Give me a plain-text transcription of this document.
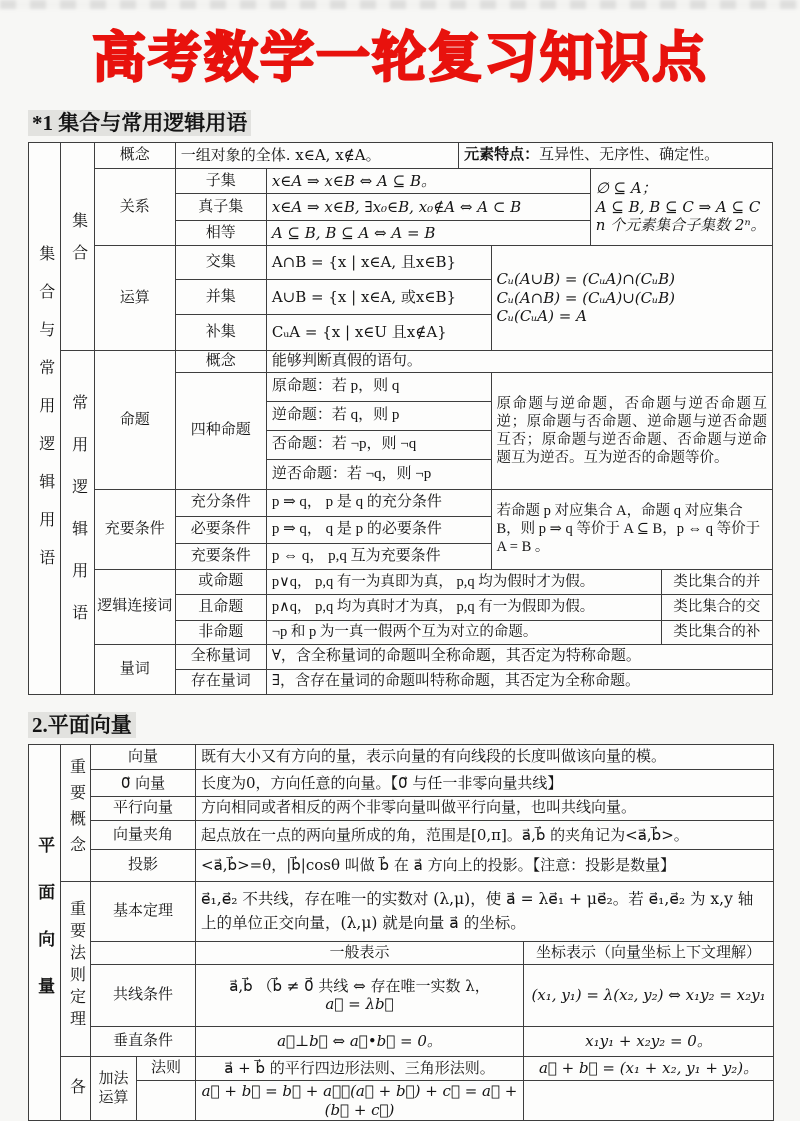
高考数学一轮复习知识点
*1 集合与常用逻辑用语
集合与常用逻辑用语	集合	概念	一组对象的全体. x∈A, x∉A。		元素特点：互异性、无序性、确定性。			
		关系	子集	x∈A ⇒ x∈B ⇔ A ⊆ B。			∅ ⊆ A；
A ⊆ B, B ⊆ C ⇒ A ⊆ C
n 个元素集合子集数 2ⁿ。	

			真子集	x∈A ⇒ x∈B, ∃x₀∈B, x₀∉A ⇔ A ⊂ B				
			相等	A ⊆ B, B ⊆ A ⇔ A = B				
		运算	交集	A∩B = {x | x∈A, 且x∈B}		Cᵤ(A∪B) = (CᵤA)∩(CᵤB)
Cᵤ(A∩B) = (CᵤA)∪(CᵤB)
Cᵤ(CᵤA) = A		

			并集	A∪B = {x | x∈A, 或x∈B}				
			补集	CᵤA = {x | x∈U 且x∉A}				
	常用逻辑用语	命题	概念	能够判断真假的语句。				
			四种命题	原命题：若 p，则 q		原命题与逆命题，否命题与逆否命题互逆；原命题与否命题、逆命题与逆否命题互否；原命题与逆否命题、否命题与逆命题互为逆否。互为逆否的命题等价。		
				逆命题：若 q，则 p				
				否命题：若 ¬p，则 ¬q				
				逆否命题：若 ¬q，则 ¬p				
		充要条件	充分条件	p ⇒ q， p 是 q 的充分条件		若命题 p 对应集合 A，命题 q 对应集合 B，则 p ⇒ q 等价于 A ⊆ B，p ⇔ q 等价于 A = B 。		
			必要条件	p ⇒ q， q 是 p 的必要条件				
			充要条件	p ⇔ q， p,q 互为充要条件				
		逻辑连接词	或命题	p∨q， p,q 有一为真即为真， p,q 均为假时才为假。				类比集合的并
			且命题	p∧q， p,q 均为真时才为真， p,q 有一为假即为假。				类比集合的交
			非命题	¬p 和 p 为一真一假两个互为对立的命题。				类比集合的补
		量词	全称量词	∀，含全称量词的命题叫全称命题，其否定为特称命题。				
			存在量词	∃，含存在量词的命题叫特称命题，其否定为全称命题。				
2.平面向量
平面向量	重要概念	向量		既有大小又有方向的量，表示向量的有向线段的长度叫做该向量的模。	
		0⃗ 向量		长度为0，方向任意的向量。【0⃗ 与任一非零向量共线】	
		平行向量		方向相同或者相反的两个非零向量叫做平行向量，也叫共线向量。	
		向量夹角		起点放在一点的两向量所成的角，范围是[0,π]。a⃗,b⃗ 的夹角记为<a⃗,b⃗>。	
		投影		<a⃗,b⃗>=θ，|b⃗|cosθ 叫做 b⃗ 在 a⃗ 方向上的投影。【注意：投影是数量】	
	重要法则定理	基本定理		e⃗₁,e⃗₂ 不共线，存在唯一的实数对 (λ,μ)，使 a⃗ = λe⃗₁ + μe⃗₂。若 e⃗₁,e⃗₂ 为 x,y 轴上的单位正交向量，(λ,μ) 就是向量 a⃗ 的坐标。	
				一般表示	坐标表示（向量坐标上下文理解）
		共线条件		a⃗,b⃗ （b⃗ ≠ 0⃗ 共线 ⇔ 存在唯一实数 λ，
a⃗ = λb⃗	(x₁, y₁) = λ(x₂, y₂) ⇔ x₁y₂ = x₂y₁
		垂直条件		a⃗⊥b⃗ ⇔ a⃗•b⃗ = 0。	x₁y₁ + x₂y₂ = 0。
	各	加法运算	法则	a⃗ + b⃗ 的平行四边形法则、三角形法则。	a⃗ + b⃗ = (x₁ + x₂, y₁ + y₂)。
				a⃗ + b⃗ = b⃗ + a⃗，(a⃗ + b⃗) + c⃗ = a⃗ + (b⃗ + c⃗)	
